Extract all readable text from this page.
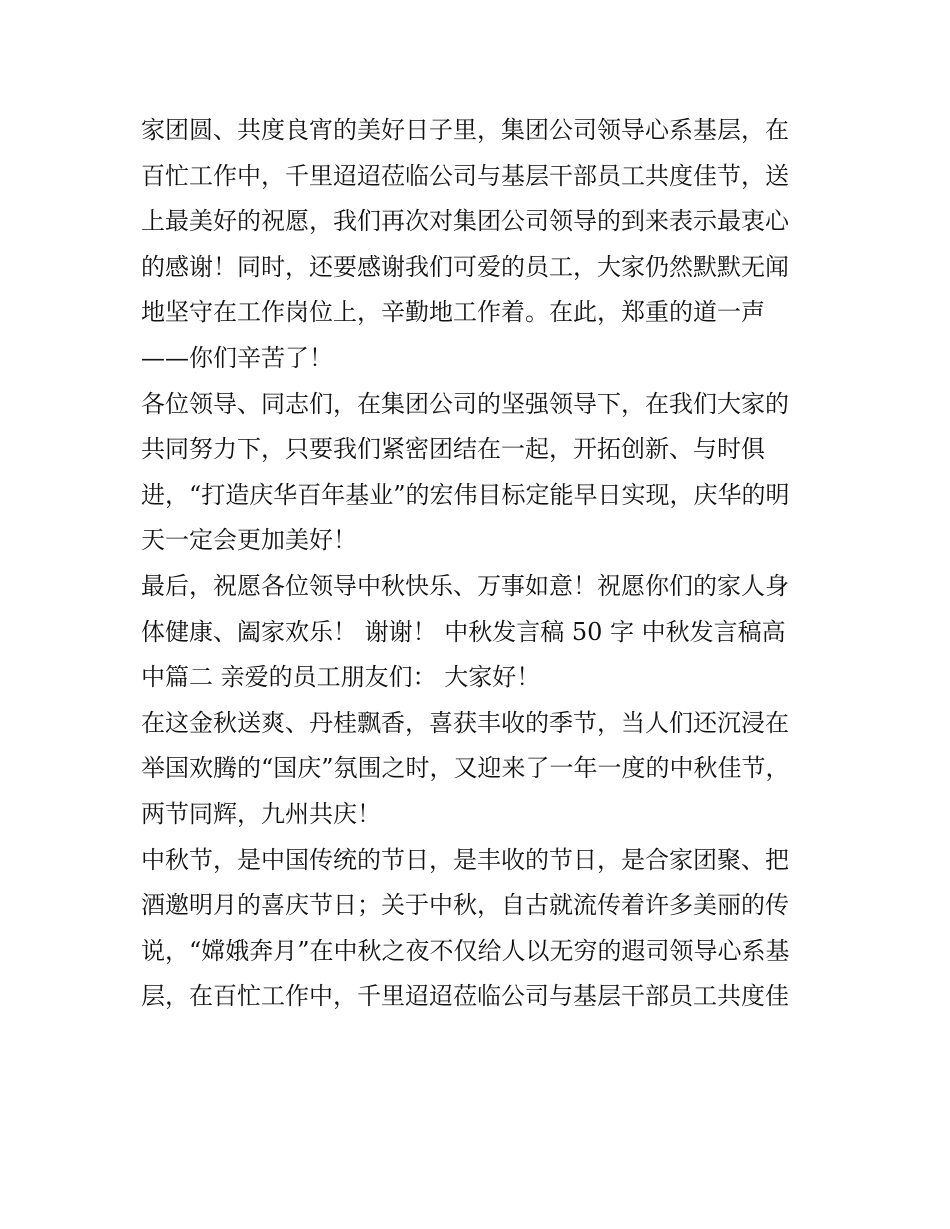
家团圆、共度良宵的美好日子里，集团公司领导心系基层，在
百忙工作中，千里迢迢莅临公司与基层干部员工共度佳节，送
上最美好的祝愿，我们再次对集团公司领导的到来表示最衷心
的感谢！同时，还要感谢我们可爱的员工，大家仍然默默无闻
地坚守在工作岗位上，辛勤地工作着。在此，郑重的道一声
——你们辛苦了！
各位领导、同志们，在集团公司的坚强领导下，在我们大家的
共同努力下，只要我们紧密团结在一起，开拓创新、与时俱
进，“打造庆华百年基业”的宏伟目标定能早日实现，庆华的明
天一定会更加美好！
最后，祝愿各位领导中秋快乐、万事如意！祝愿你们的家人身
体健康、阖家欢乐！ 谢谢！ 中秋发言稿 50 字 中秋发言稿高
中篇二 亲爱的员工朋友们： 大家好！
在这金秋送爽、丹桂飘香，喜获丰收的季节，当人们还沉浸在
举国欢腾的“国庆”氛围之时，又迎来了一年一度的中秋佳节，
两节同辉，九州共庆！
中秋节，是中国传统的节日，是丰收的节日，是合家团聚、把
酒邀明月的喜庆节日；关于中秋，自古就流传着许多美丽的传
说，“嫦娥奔月”在中秋之夜不仅给人以无穷的遐司领导心系基
层，在百忙工作中，千里迢迢莅临公司与基层干部员工共度佳
